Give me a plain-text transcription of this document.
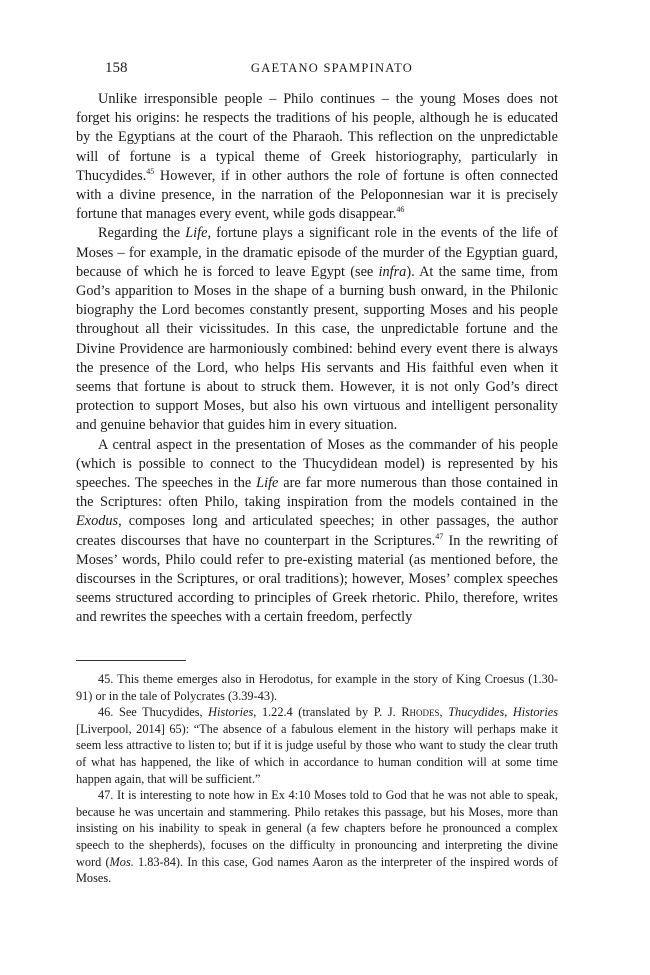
158	GAETANO SPAMPINATO

Unlike irresponsible people – Philo continues – the young Moses does not forget his origins: he respects the traditions of his people, although he is educated by the Egyptians at the court of the Pharaoh. This reflection on the unpredictable will of fortune is a typical theme of Greek historiography, particularly in Thucydides.$^{45}$ However, if in other authors the role of fortune is often connected with a divine presence, in the narration of the Peloponnesian war it is precisely fortune that manages every event, while gods disappear.$^{46}$

Regarding the Life, fortune plays a significant role in the events of the life of Moses – for example, in the dramatic episode of the murder of the Egyptian guard, because of which he is forced to leave Egypt (see infra). At the same time, from God’s apparition to Moses in the shape of a burning bush onward, in the Philonic biography the Lord becomes constantly present, supporting Moses and his people throughout all their vicissitudes. In this case, the unpredictable fortune and the Divine Providence are harmoniously combined: behind every event there is always the presence of the Lord, who helps His servants and His faithful even when it seems that fortune is about to struck them. However, it is not only God’s direct protection to support Moses, but also his own virtuous and intelligent personality and genuine behavior that guides him in every situation.

A central aspect in the presentation of Moses as the commander of his people (which is possible to connect to the Thucydidean model) is represented by his speeches. The speeches in the Life are far more numerous than those contained in the Scriptures: often Philo, taking inspiration from the models contained in the Exodus, composes long and articulated speeches; in other passages, the author creates discourses that have no counterpart in the Scriptures.$^{47}$ In the rewriting of Moses’ words, Philo could refer to pre-existing material (as mentioned before, the discourses in the Scriptures, or oral traditions); however, Moses’ complex speeches seems structured according to principles of Greek rhetoric. Philo, therefore, writes and rewrites the speeches with a certain freedom, perfectly

45. This theme emerges also in Herodotus, for example in the story of King Croesus (1.30-91) or in the tale of Polycrates (3.39-43).

46. See Thucydides, Histories, 1.22.4 (translated by P. J. Rhodes, Thucydides, Histories [Liverpool, 2014] 65): “The absence of a fabulous element in the history will perhaps make it seem less attractive to listen to; but if it is judge useful by those who want to study the clear truth of what has happened, the like of which in accordance to human condition will at some time happen again, that will be sufficient.”

47. It is interesting to note how in Ex 4:10 Moses told to God that he was not able to speak, because he was uncertain and stammering. Philo retakes this passage, but his Moses, more than insisting on his inability to speak in general (a few chapters before he pronounced a complex speech to the shepherds), focuses on the difficulty in pronouncing and interpreting the divine word (Mos. 1.83-84). In this case, God names Aaron as the interpreter of the inspired words of Moses.
